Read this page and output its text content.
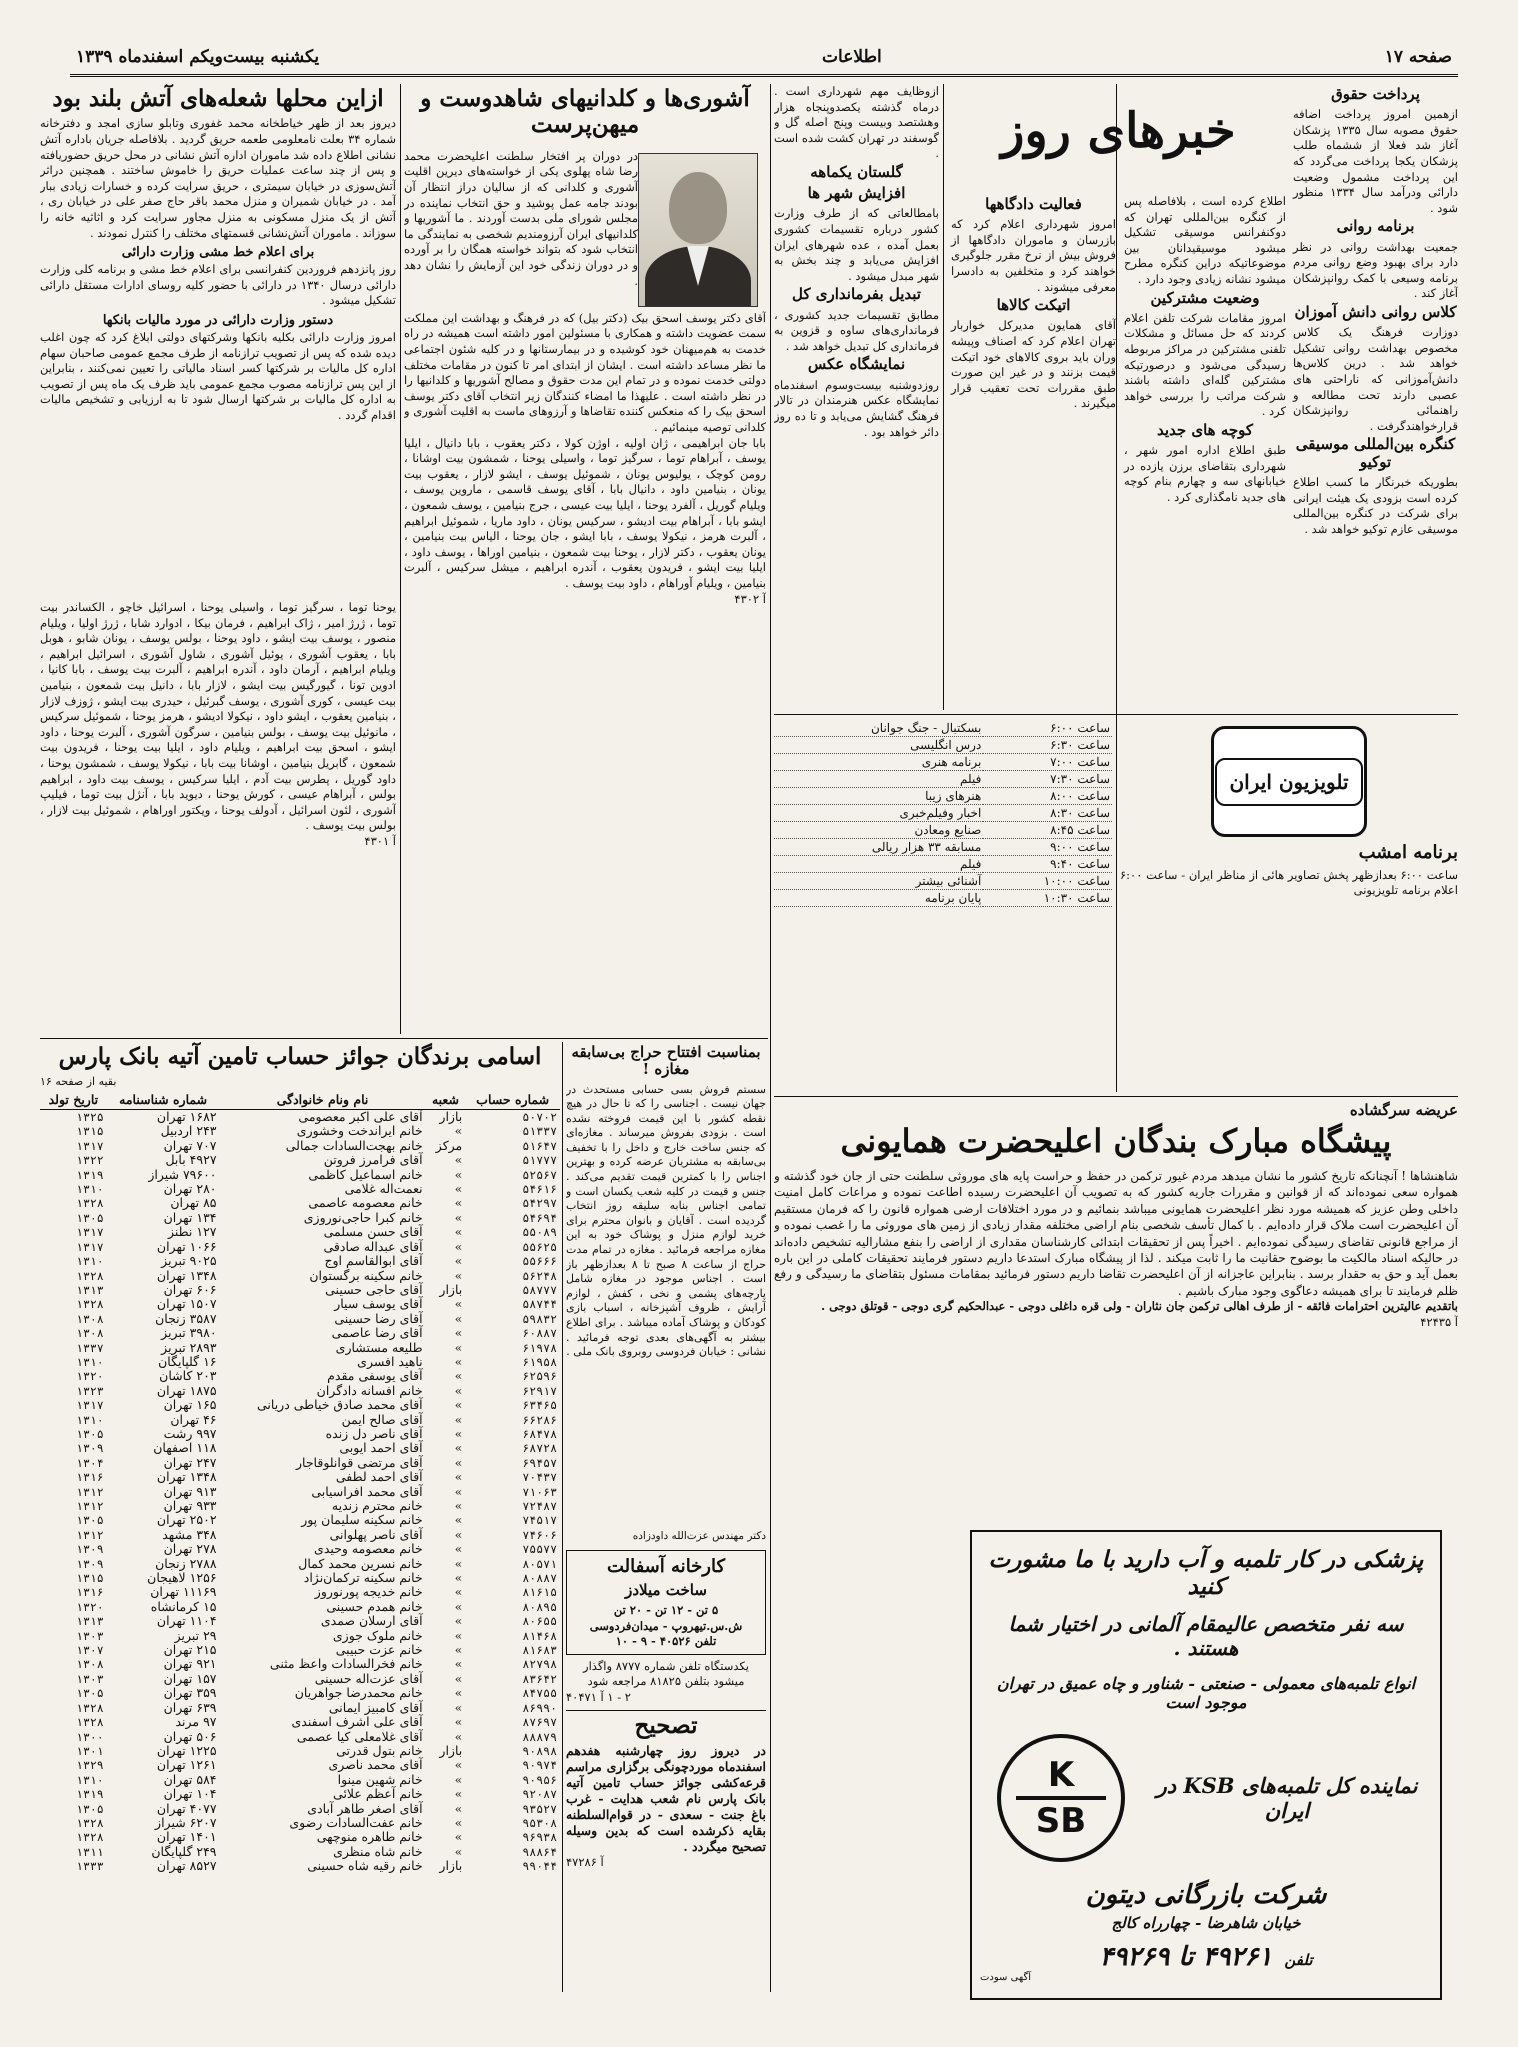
صفحه ۱۷
اطلاعات
یکشنبه بیست‌ویکم اسفندماه ۱۳۳۹
پرداخت حقوق
ازهمین امروز پرداخت اضافه حقوق مصوبه سال ۱۳۳۵ پزشکان آغاز شد فعلا از ششماه طلب پزشکان یکجا پرداخت می‌گردد که این پرداخت مشمول وضعیت دارائی ودرآمد سال ۱۳۳۴ منظور شود .
برنامه روانی
جمعیت بهداشت روانی در نظر دارد برای بهبود وضع روانی مردم برنامه وسیعی با کمک روانپزشکان آغاز کند .
کلاس روانی دانش آموزان
دوزارت فرهنگ یک کلاس مخصوص بهداشت روانی تشکیل خواهد شد . درین کلاس‌ها دانش‌آموزانی که ناراحتی های عصبی دارند تحت مطالعه و راهنمائی روانپزشکان قرارخواهندگرفت .
کنگره بین‌المللی موسیقی توکیو
بطوریکه خبرنگار ما کسب اطلاع کرده است بزودی یک هیئت ایرانی برای شرکت در کنگره بین‌المللی موسیقی عازم توکیو خواهد شد .
خبرهای روز
اطلاع کرده است ، بلافاصله پس از کنگره بین‌المللی تهران که دوکنفرانس موسیقی تشکیل میشود موسیقیدانان بین موضوعاتیکه دراین کنگره مطرح میشود نشانه زیادی وجود دارد .
وضعیت مشترکین
امروز مقامات شرکت تلفن اعلام کردند که حل مسائل و مشکلات تلفنی مشترکین در مراکز مربوطه رسیدگی می‌شود و درصورتیکه مشترکین گله‌ای داشته باشند شرکت مراتب را بررسی خواهد کرد .
کوچه های جدید
طبق اطلاع اداره امور شهر ، شهرداری بتقاضای برزن یازده در خیابانهای سه و چهارم بنام کوچه های جدید نامگذاری کرد .
فعالیت دادگاهها
امروز شهرداری اعلام کرد که بازرسان و ماموران دادگاهها از فروش بیش از نرخ مقرر جلوگیری خواهند کرد و متخلفین به دادسرا معرفی میشوند .
اتیکت کالاها
آقای همایون مدیرکل خواربار تهران اعلام کرد که اصناف وپیشه وران باید بروی کالاهای خود اتیکت قیمت بزنند و در غیر این صورت طبق مقررات تحت تعقیب قرار میگیرند .
ازوظایف مهم شهرداری است . درماه گذشته یکصدوپنجاه هزار وهشتصد وبیست وپنج اصله گل و گوسفند در تهران کشت شده است .
گلستان یکماهه
افزایش شهر ها
بامطالعاتی که از طرف وزارت کشور درباره تقسیمات کشوری بعمل آمده ، عده شهرهای ایران افزایش می‌یابد و چند بخش به شهر مبدل میشود .
تبدیل بفرمانداری کل
مطابق تقسیمات جدید کشوری ، فرمانداری‌های ساوه و قزوین به فرمانداری کل تبدیل خواهد شد .
نمایشگاه عکس
روزدوشنبه بیست‌وسوم اسفندماه نمایشگاه عکس هنرمندان در تالار فرهنگ گشایش می‌یابد و تا ده روز دائر خواهد بود .
تلویزیون ایران
برنامه امشب
ساعت ۶:۰۰ بعدازظهر پخش تصاویر هائی از مناظر ایران - ساعت ۶:۰۰ اعلام برنامه تلویزیونی
ساعت ۶:۰۰	بسکتبال - جنگ جوانان
ساعت ۶:۳۰	درس انگلیسی
ساعت ۷:۰۰	برنامه هنری
ساعت ۷:۳۰	فیلم
ساعت ۸:۰۰	هنرهای زیبا
ساعت ۸:۳۰	اخبار وفیلم‌خبری
ساعت ۸:۴۵	صنایع ومعادن
ساعت ۹:۰۰	مسابقه ۳۳ هزار ریالی
ساعت ۹:۴۰	فیلم
ساعت ۱۰:۰۰	آشنائی بیشتر
ساعت ۱۰:۳۰	پایان برنامه
عریضه سرگشاده
پیشگاه مبارک بندگان اعلیحضرت همایونی
شاهنشاها ! آنچنانکه تاریخ کشور ما نشان میدهد مردم غیور ترکمن در حفظ و حراست پایه های موروثی سلطنت حتی از جان خود گذشته و همواره سعی نموده‌اند که از قوانین و مقررات جاریه کشور که به تصویب آن اعلیحضرت رسیده اطاعت نموده و مراعات کامل امنیت داخلی وطن عزیز که همیشه مورد نظر اعلیحضرت همایونی میباشد بنمائیم و در مورد اختلافات ارضی همواره قانون را که فرمان مستقیم آن اعلیحضرت است ملاک قرار داده‌ایم . با کمال تأسف شخصی بنام اراضی مختلفه مقدار زیادی از زمین های موروثی ما را غصب نموده و از مراجع قانونی تقاضای رسیدگی نموده‌ایم . اخیراً پس از تحقیقات ابتدائی کارشناسان مقداری از اراضی را بنفع مشارالیه تشخیص داده‌اند در حالیکه اسناد مالکیت ما بوضوح حقانیت ما را ثابت میکند . لذا از پیشگاه مبارک استدعا داریم دستور فرمایند تحقیقات کاملی در این باره بعمل آید و حق به حقدار برسد . بنابراین عاجزانه از آن اعلیحضرت تقاضا داریم دستور فرمائید بمقامات مسئول بتقاضای ما رسیدگی و رفع ظلم فرمایند تا برای همیشه دعاگوی وجود مبارک باشیم .
باتقدیم عالیترین احترامات فائقه - از طرف اهالی ترکمن جان نثاران - ولی قره داغلی دوجی - عبدالحکیم گری دوجی - قوتلق دوجی .
آ ۴۲۴۳۵
پزشکی در کار تلمبه و آب دارید با ما مشورت کنید
سه نفر متخصص عالیمقام آلمانی در اختیار شما هستند .
انواع تلمبه‌های معمولی - صنعتی - شناور و چاه عمیق در تهران موجود است
K
SB
نماینده کل تلمبه‌های KSB در ایران
شرکت بازرگانی دیتون
خیابان شاهرضا - چهارراه کالج
تلفن
۴۹۲۶۱ تا ۴۹۲۶۹
آگهی سودت
آشوری‌ها و کلدانیهای شاهدوست و میهن‌پرست
در دوران پر افتخار سلطنت اعلیحضرت محمد رضا شاه پهلوی یکی از خواسته‌های دیرین اقلیت آشوری و کلدانی که از سالیان دراز انتظار آن بودند جامه عمل پوشید و حق انتخاب نماینده در مجلس شورای ملی بدست آوردند . ما آشوریها و کلدانیهای ایران آرزومندیم شخصی به نمایندگی ما انتخاب شود که بتواند خواسته همگان را بر آورده و در دوران زندگی خود این آزمایش را نشان دهد .
آقای دکتر یوسف اسحق بیک (دکتر بیل) که در فرهنگ و بهداشت این مملکت سمت عضویت داشته و همکاری با مسئولین امور داشته است همیشه در راه خدمت به هم‌میهنان خود کوشیده و در بیمارستانها و در کلیه شئون اجتماعی ما نظر مساعد داشته است . ایشان از ابتدای امر تا کنون در مقامات مختلف دولتی خدمت نموده و در تمام این مدت حقوق و مصالح آشوریها و کلدانیها را در نظر داشته است . علیهذا ما امضاء کنندگان زیر انتخاب آقای دکتر یوسف اسحق بیک را که منعکس کننده تقاضاها و آرزوهای ماست به اقلیت آشوری و کلدانی توصیه مینمائیم .
بابا جان ابراهیمی ، ژان اولیه ، اوژن کولا ، دکتر یعقوب ، بابا دانیال ، ایلیا یوسف ، آبراهام توما ، سرگیز توما ، واسیلی یوحنا ، شمشون بیت اوشانا ، رومن کوچک ، یولیوس یونان ، شموئیل یوسف ، ایشو لازار ، یعقوب بیت یونان ، بنیامین داود ، دانیال بابا ، آقای یوسف قاسمی ، ماروین یوسف ، ویلیام گوریل ، آلفرد یوحنا ، ایلیا بیت عیسی ، جرج بنیامین ، یوسف شمعون ، ایشو بابا ، آبراهام بیت ادیشو ، سرکیس یونان ، داود ماریا ، شموئیل ابراهیم ، آلبرت هرمز ، نیکولا یوسف ، بابا ایشو ، جان یوحنا ، الیاس بیت بنیامین ، یونان یعقوب ، دکتر لازار ، یوحنا بیت شمعون ، بنیامین اوراها ، یوسف داود ، ایلیا بیت ایشو ، فریدون یعقوب ، آندره ابراهیم ، میشل سرکیس ، آلبرت بنیامین ، ویلیام آوراهام ، داود بیت یوسف .
آ ۴۳۰۲
ازاین محلها شعله‌های آتش بلند بود
دیروز بعد از ظهر خیاطخانه محمد غفوری وتابلو سازی امجد و دفترخانه شماره ۳۴ بعلت نامعلومی طعمه حریق گردید . بلافاصله جریان باداره آتش نشانی اطلاع داده شد ماموران اداره آتش نشانی در محل حریق حضوریافته و پس از چند ساعت عملیات حریق را خاموش ساختند . همچنین دراثر آتش‌سوزی در خیابان سیمتری ، حریق سرایت کرده و خسارات زیادی ببار آمد . در خیابان شمیران و منزل محمد باقر حاج صفر علی در خیابان ری ، آتش از یک منزل مسکونی به منزل مجاور سرایت کرد و اثاثیه خانه را سوزاند . ماموران آتش‌نشانی قسمتهای مختلف را کنترل نمودند .
برای اعلام خط مشی وزارت دارائی
روز پانزدهم فروردین کنفرانسی برای اعلام خط مشی و برنامه کلی وزارت دارائی درسال ۱۳۴۰ در دارائی با حضور کلیه روسای ادارات مستقل دارائی تشکیل میشود .
دستور وزارت دارائی در مورد مالیات بانکها
امروز وزارت دارائی بکلیه بانکها وشرکتهای دولتی ابلاغ کرد که چون اغلب دیده شده که پس از تصویب ترازنامه از طرف مجمع عمومی صاحبان سهام اداره کل مالیات بر شرکتها کسر اسناد مالیاتی را تعیین نمی‌کنند ، بنابراین از این پس ترازنامه مصوب مجمع عمومی باید ظرف یک ماه پس از تصویب به اداره کل مالیات بر شرکتها ارسال شود تا به ارزیابی و تشخیص مالیات اقدام گردد .
یوحنا توما ، سرگیز توما ، واسیلی یوحنا ، اسرائیل خاچو ، الکساندر بیت توما ، ژرژ امیر ، ژاک ابراهیم ، فرمان بیکا ، ادوارد شابا ، ژرژ اولیا ، ویلیام منصور ، یوسف بیت ایشو ، داود یوحنا ، بولس یوسف ، یونان شابو ، هوبل بابا ، یعقوب آشوری ، یوئیل آشوری ، شاول آشوری ، اسرائیل ابراهیم ، ویلیام ابراهیم ، آرمان داود ، آندره ابراهیم ، آلبرت بیت یوسف ، بابا کانیا ، ادوین تونا ، گیورگیس بیت ایشو ، لازار بابا ، دانیل بیت شمعون ، بنیامین بیت عیسی ، کوری آشوری ، یوسف گبرئیل ، حیدری بیت ایشو ، ژوزف لازار ، بنیامین یعقوب ، ایشو داود ، نیکولا ادیشو ، هرمز یوحنا ، شموئیل سرکیس ، مانوئیل بیت یوسف ، بولس بنیامین ، سرگون آشوری ، آلبرت یوحنا ، داود ایشو ، اسحق بیت ابراهیم ، ویلیام داود ، ایلیا بیت یوحنا ، فریدون بیت شمعون ، گابریل بنیامین ، اوشانا بیت بابا ، نیکولا یوسف ، شمشون یوحنا ، داود گوریل ، پطرس بیت آدم ، ایلیا سرکیس ، یوسف بیت داود ، ابراهیم بولس ، آبراهام عیسی ، کورش یوحنا ، دیوید بابا ، آنژل بیت توما ، فیلیپ آشوری ، لئون اسرائیل ، آدولف یوحنا ، ویکتور اوراهام ، شموئیل بیت لازار ، بولس بیت یوسف .
آ ۴۳۰۱
اسامی برندگان جوائز حساب تامین آتیه بانک پارس
بقیه از صفحه ۱۶
شماره حساب	شعبه	نام ونام خانوادگی	شماره شناسنامه	تاریخ تولد
۵۰۷۰۲	بازار	آقای علی اکبر معصومی	۱۶۸۲ تهران	۱۳۲۵
۵۱۳۳۷	»	خانم ایراندخت وخشوری	۲۴۳ اردبیل	۱۳۱۵
۵۱۶۴۷	مرکز	خانم بهجت‌السادات جمالی	۷۰۷ تهران	۱۳۱۷
۵۱۷۷۷	»	آقای فرامرز فروتن	۴۹۲۷ بابل	۱۳۲۲
۵۲۵۶۷	»	خانم اسماعیل کاظمی	۷۹۶۰۰ شیراز	۱۳۱۹
۵۴۶۱۶	»	نعمت‌اله غلامی	۲۸۰ تهران	۱۳۱۰
۵۴۲۹۷	»	خانم معصومه عاصمی	۸۵ تهران	۱۳۲۸
۵۴۶۹۴	»	خانم کبرا حاجی‌نوروزی	۱۳۴ تهران	۱۳۰۵
۵۵۰۸۹	»	آقای حسن مسلمی	۱۲۷ نطنز	۱۳۱۷
۵۵۶۲۵	»	آقای عبداله صادقی	۱۰۶۶ تهران	۱۳۱۷
۵۵۶۶۶	»	آقای ابوالقاسم اوج	۹۰۲۵ تبریز	۱۳۱۰
۵۶۲۴۸	»	خانم سکینه برگستوان	۱۳۴۸ تهران	۱۳۲۸
۵۸۷۷۷	بازار	آقای حاجی حسینی	۶۰۶ تهران	۱۳۱۳
۵۸۷۴۴	»	آقای یوسف سیار	۱۵۰۷ تهران	۱۳۲۸
۵۹۸۳۲	»	آقای رضا حسینی	۳۵۸۷ زنجان	۱۳۰۸
۶۰۸۸۷	»	آقای رضا عاصمی	۳۹۸۰ تبریز	۱۳۰۸
۶۱۹۷۸	»	طلیعه مستشاری	۲۸۹۳ تبریز	۱۳۳۷
۶۱۹۵۸	»	ناهید افسری	۱۶ گلپایگان	۱۳۱۰
۶۲۵۹۶	»	آقای یوسفی مقدم	۲۰۳ کاشان	۱۳۲۰
۶۲۹۱۷	»	خانم افسانه دادگران	۱۸۷۵ تهران	۱۳۲۳
۶۳۴۶۵	»	آقای محمد صادق خیاطی دریانی	۱۶۵ تهران	۱۳۱۷
۶۶۲۸۶	»	آقای صالح ایمن	۴۶ تهران	۱۳۱۰
۶۸۴۷۸	»	آقای ناصر دل زنده	۹۹۷ رشت	۱۳۰۵
۶۸۷۲۸	»	آقای احمد ایوبی	۱۱۸ اصفهان	۱۳۰۹
۶۹۴۵۷	»	آقای مرتضی قوانلوقاجار	۲۴۷ تهران	۱۳۰۴
۷۰۴۳۷	»	آقای احمد لطفی	۱۳۴۸ تهران	۱۳۱۶
۷۱۰۶۳	»	آقای محمد افراسیابی	۹۱۳ تهران	۱۳۱۲
۷۲۴۸۷	»	خانم محترم زندیه	۹۳۳ تهران	۱۳۱۲
۷۴۵۱۷	»	خانم سکینه سلیمان پور	۲۵۰۲ تهران	۱۳۰۵
۷۴۶۰۶	»	آقای ناصر پهلوانی	۳۴۸ مشهد	۱۳۱۲
۷۵۵۷۷	»	خانم معصومه وحیدی	۲۷۸ تهران	۱۳۰۹
۸۰۵۷۱	»	خانم نسرین محمد کمال	۲۷۸۸ زنجان	۱۳۰۹
۸۰۸۸۷	»	خانم سکینه ترکمان‌نژاد	۱۲۵۶ لاهیجان	۱۳۱۵
۸۱۶۱۵	»	خانم خدیجه پورنوروز	۱۱۱۶۹ تهران	۱۳۱۶
۸۰۸۹۵	»	خانم همدم حسینی	۱۵ کرمانشاه	۱۳۲۰
۸۰۶۵۵	»	آقای ارسلان صمدی	۱۱۰۴ تهران	۱۳۱۳
۸۱۴۶۸	»	خانم ملوک جوزی	۲۹ تبریز	۱۳۰۳
۸۱۶۸۳	»	خانم عزت حبیبی	۲۱۵ تهران	۱۳۰۷
۸۲۷۹۸	»	خانم فخرالسادات واعظ مثنی	۹۲۱ تهران	۱۳۰۸
۸۳۶۴۲	»	آقای عزت‌اله حسینی	۱۵۷ تهران	۱۳۰۳
۸۴۷۵۵	»	خانم محمدرضا جواهریان	۳۵۹ تهران	۱۳۰۵
۸۶۹۹۰	»	آقای کامبیز ایمانی	۶۳۹ تهران	۱۳۲۸
۸۷۶۹۷	»	آقای علی اشرف اسفندی	۹۷ مرند	۱۳۲۸
۸۸۸۷۹	»	آقای غلامعلی کیا عصمی	۵۰۶ تهران	۱۳۰۰
۹۰۸۹۸	بازار	خانم بتول قدرتی	۱۲۲۵ تهران	۱۳۰۱
۹۰۹۷۴	»	آقای محمد ناصری	۱۲۶۱ تهران	۱۳۲۹
۹۰۹۵۶	»	خانم شهین مینوا	۵۸۴ تهران	۱۳۱۰
۹۲۰۸۷	»	خانم آعظم علائی	۱۰۴ تهران	۱۳۱۹
۹۳۵۲۷	»	آقای اصغر طاهر آبادی	۴۰۷۷ تهران	۱۳۰۵
۹۵۳۰۸	»	خانم عفت‌السادات رضوی	۶۲۰۷ شیراز	۱۳۲۸
۹۶۹۳۸	»	خانم طاهره منوچهی	۱۴۰۱ تهران	۱۳۲۸
۹۸۸۶۴	»	خانم شاه منظری	۲۴۹ گلپایگان	۱۳۱۱
۹۹۰۴۴	بازار	خانم رقیه شاه حسینی	۸۵۲۷ تهران	۱۳۳۳
بمناسبت افتتاح حراج بی‌سابقه مغازه !
سستم فروش بسی حسابی مستحدث در جهان نیست . اجناسی را که تا حال در هیچ نقطه کشور با این قیمت فروخته نشده است . بزودی بفروش میرساند . مغازه‌ای که جنس ساخت خارج و داخل را با تخفیف بی‌سابقه به مشتریان عرضه کرده و بهترین اجناس را با کمترین قیمت تقدیم می‌کند . جنس و قیمت در کلیه شعب یکسان است و تمامی اجناس بنابه سلیقه روز انتخاب گردیده است . آقایان و بانوان محترم برای خرید لوازم منزل و پوشاک خود به این مغازه مراجعه فرمائید . مغازه در تمام مدت حراج از ساعت ۸ صبح تا ۸ بعدازظهر باز است . اجناس موجود در مغازه شامل پارچه‌های پشمی و نخی ، کفش ، لوازم آرایش ، ظروف آشپزخانه ، اسباب بازی کودکان و پوشاک آماده میباشد . برای اطلاع بیشتر به آگهی‌های بعدی توجه فرمائید . نشانی : خیابان فردوسی روبروی بانک ملی .
دکتر مهندس عزت‌الله داودزاده
کارخانه آسفالت
ساخت میلادز
۵ تن - ۱۲ تن - ۲۰ تن
ش.س.تیهروپ - میدان‌فردوسی
تلفن ۴۰۵۲۶ - ۹ - ۱۰
یکدستگاه تلفن شماره ۸۷۷۷ واگذار میشود بتلفن ۸۱۸۲۵ مراجعه شود
۲ - ۱ آ ۴۰۴۷۱
تصحیح
در دیروز روز چهارشنبه هفدهم اسفندماه مورد‌چونگی برگزاری مراسم قرعه‌کشی جوائز حساب تامین آتیه بانک پارس نام شعب هدایت - غرب باغ جنت - سعدی - در قوام‌السلطنه بقایه ذکرشده است که بدین وسیله تصحیح میگردد .
آ ۴۷۲۸۶
